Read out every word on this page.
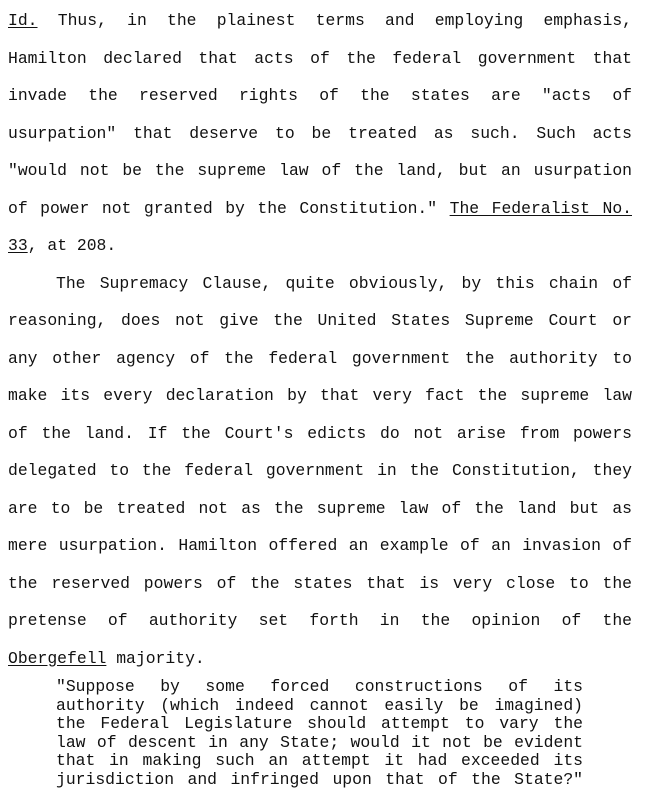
Id. Thus, in the plainest terms and employing emphasis,

Hamilton declared that acts of the federal government that

invade the reserved rights of the states are "acts of

usurpation" that deserve to be treated as such. Such acts

"would not be the supreme law of the land, but an usurpation

of power not granted by the Constitution." The Federalist No.

33, at 208.

The Supremacy Clause, quite obviously, by this chain of

reasoning, does not give the United States Supreme Court or

any other agency of the federal government the authority to

make its every declaration by that very fact the supreme law

of the land. If the Court's edicts do not arise from powers

delegated to the federal government in the Constitution, they

are to be treated not as the supreme law of the land but as

mere usurpation. Hamilton offered an example of an invasion of

the reserved powers of the states that is very close to the

pretense of authority set forth in the opinion of the

Obergefell majority.

"Suppose by some forced constructions of its

authority (which indeed cannot easily be imagined)

the Federal Legislature should attempt to vary the

law of descent in any State; would it not be evident

that in making such an attempt it had exceeded its

jurisdiction and infringed upon that of the State?"
